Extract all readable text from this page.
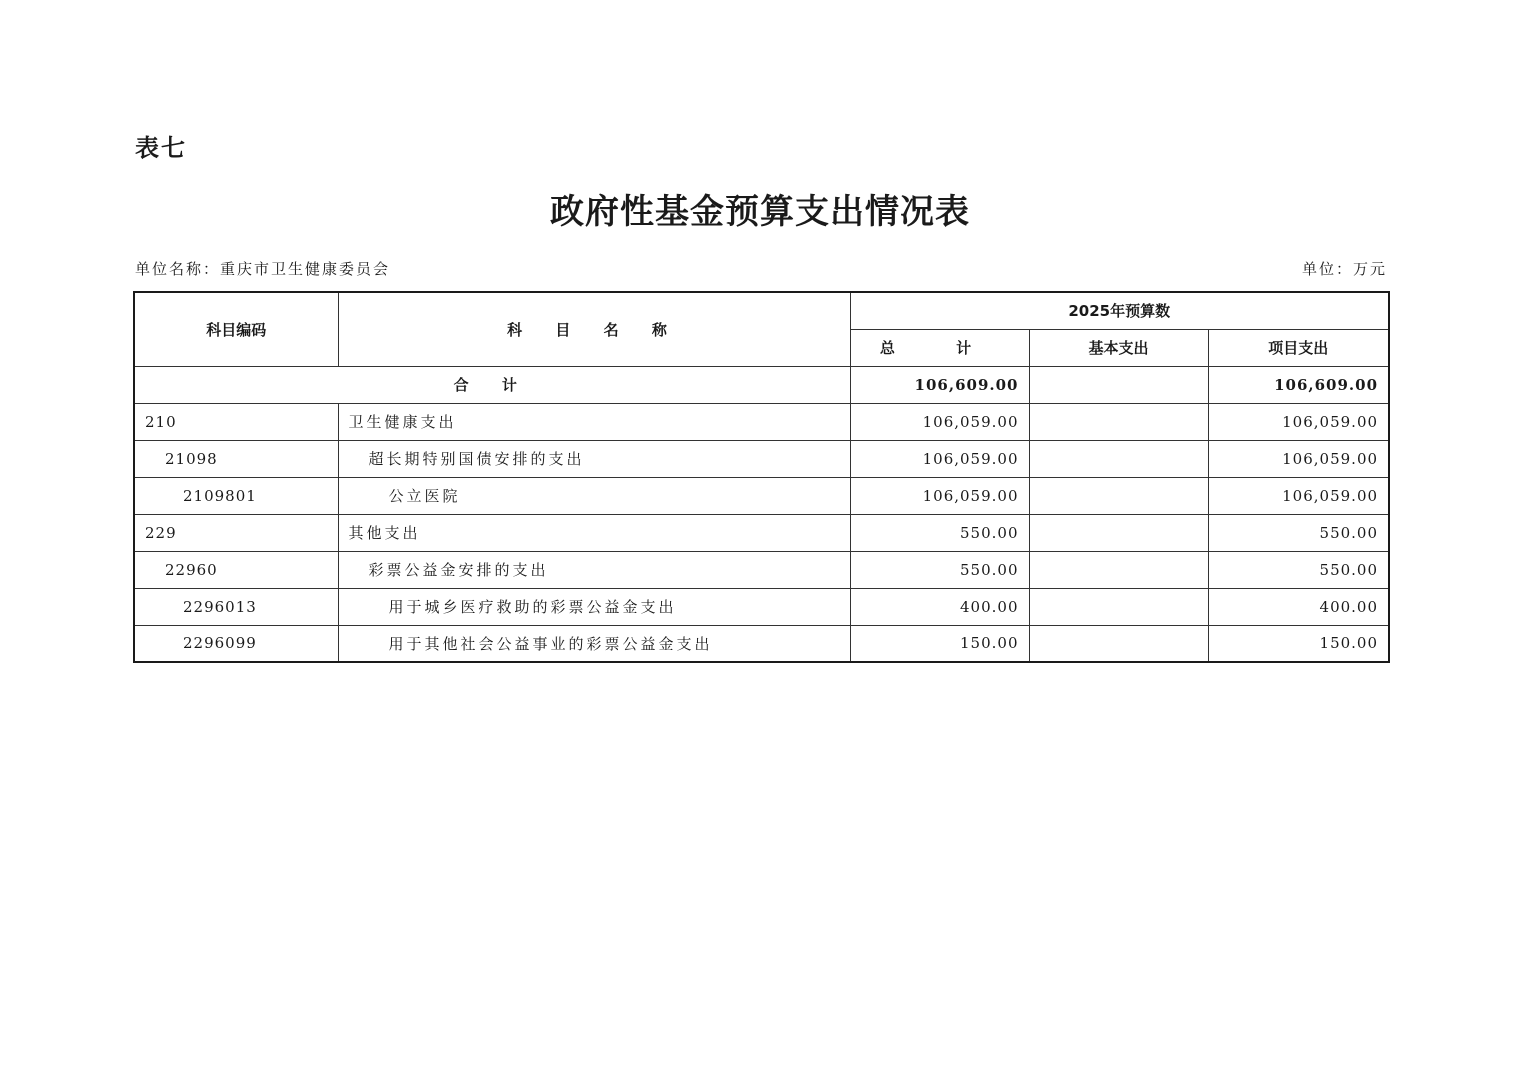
表七
政府性基金预算支出情况表
单位名称：重庆市卫生健康委员会	单位：万元
科目编码	科 目 名 称	2025年预算数		
		总 计	基本支出	项目支出
合 计		106,609.00		106,609.00
210	卫生健康支出	106,059.00		106,059.00
21098	超长期特别国债安排的支出	106,059.00		106,059.00
2109801	公立医院	106,059.00		106,059.00
229	其他支出	550.00		550.00
22960	彩票公益金安排的支出	550.00		550.00
2296013	用于城乡医疗救助的彩票公益金支出	400.00		400.00
2296099	用于其他社会公益事业的彩票公益金支出	150.00		150.00
